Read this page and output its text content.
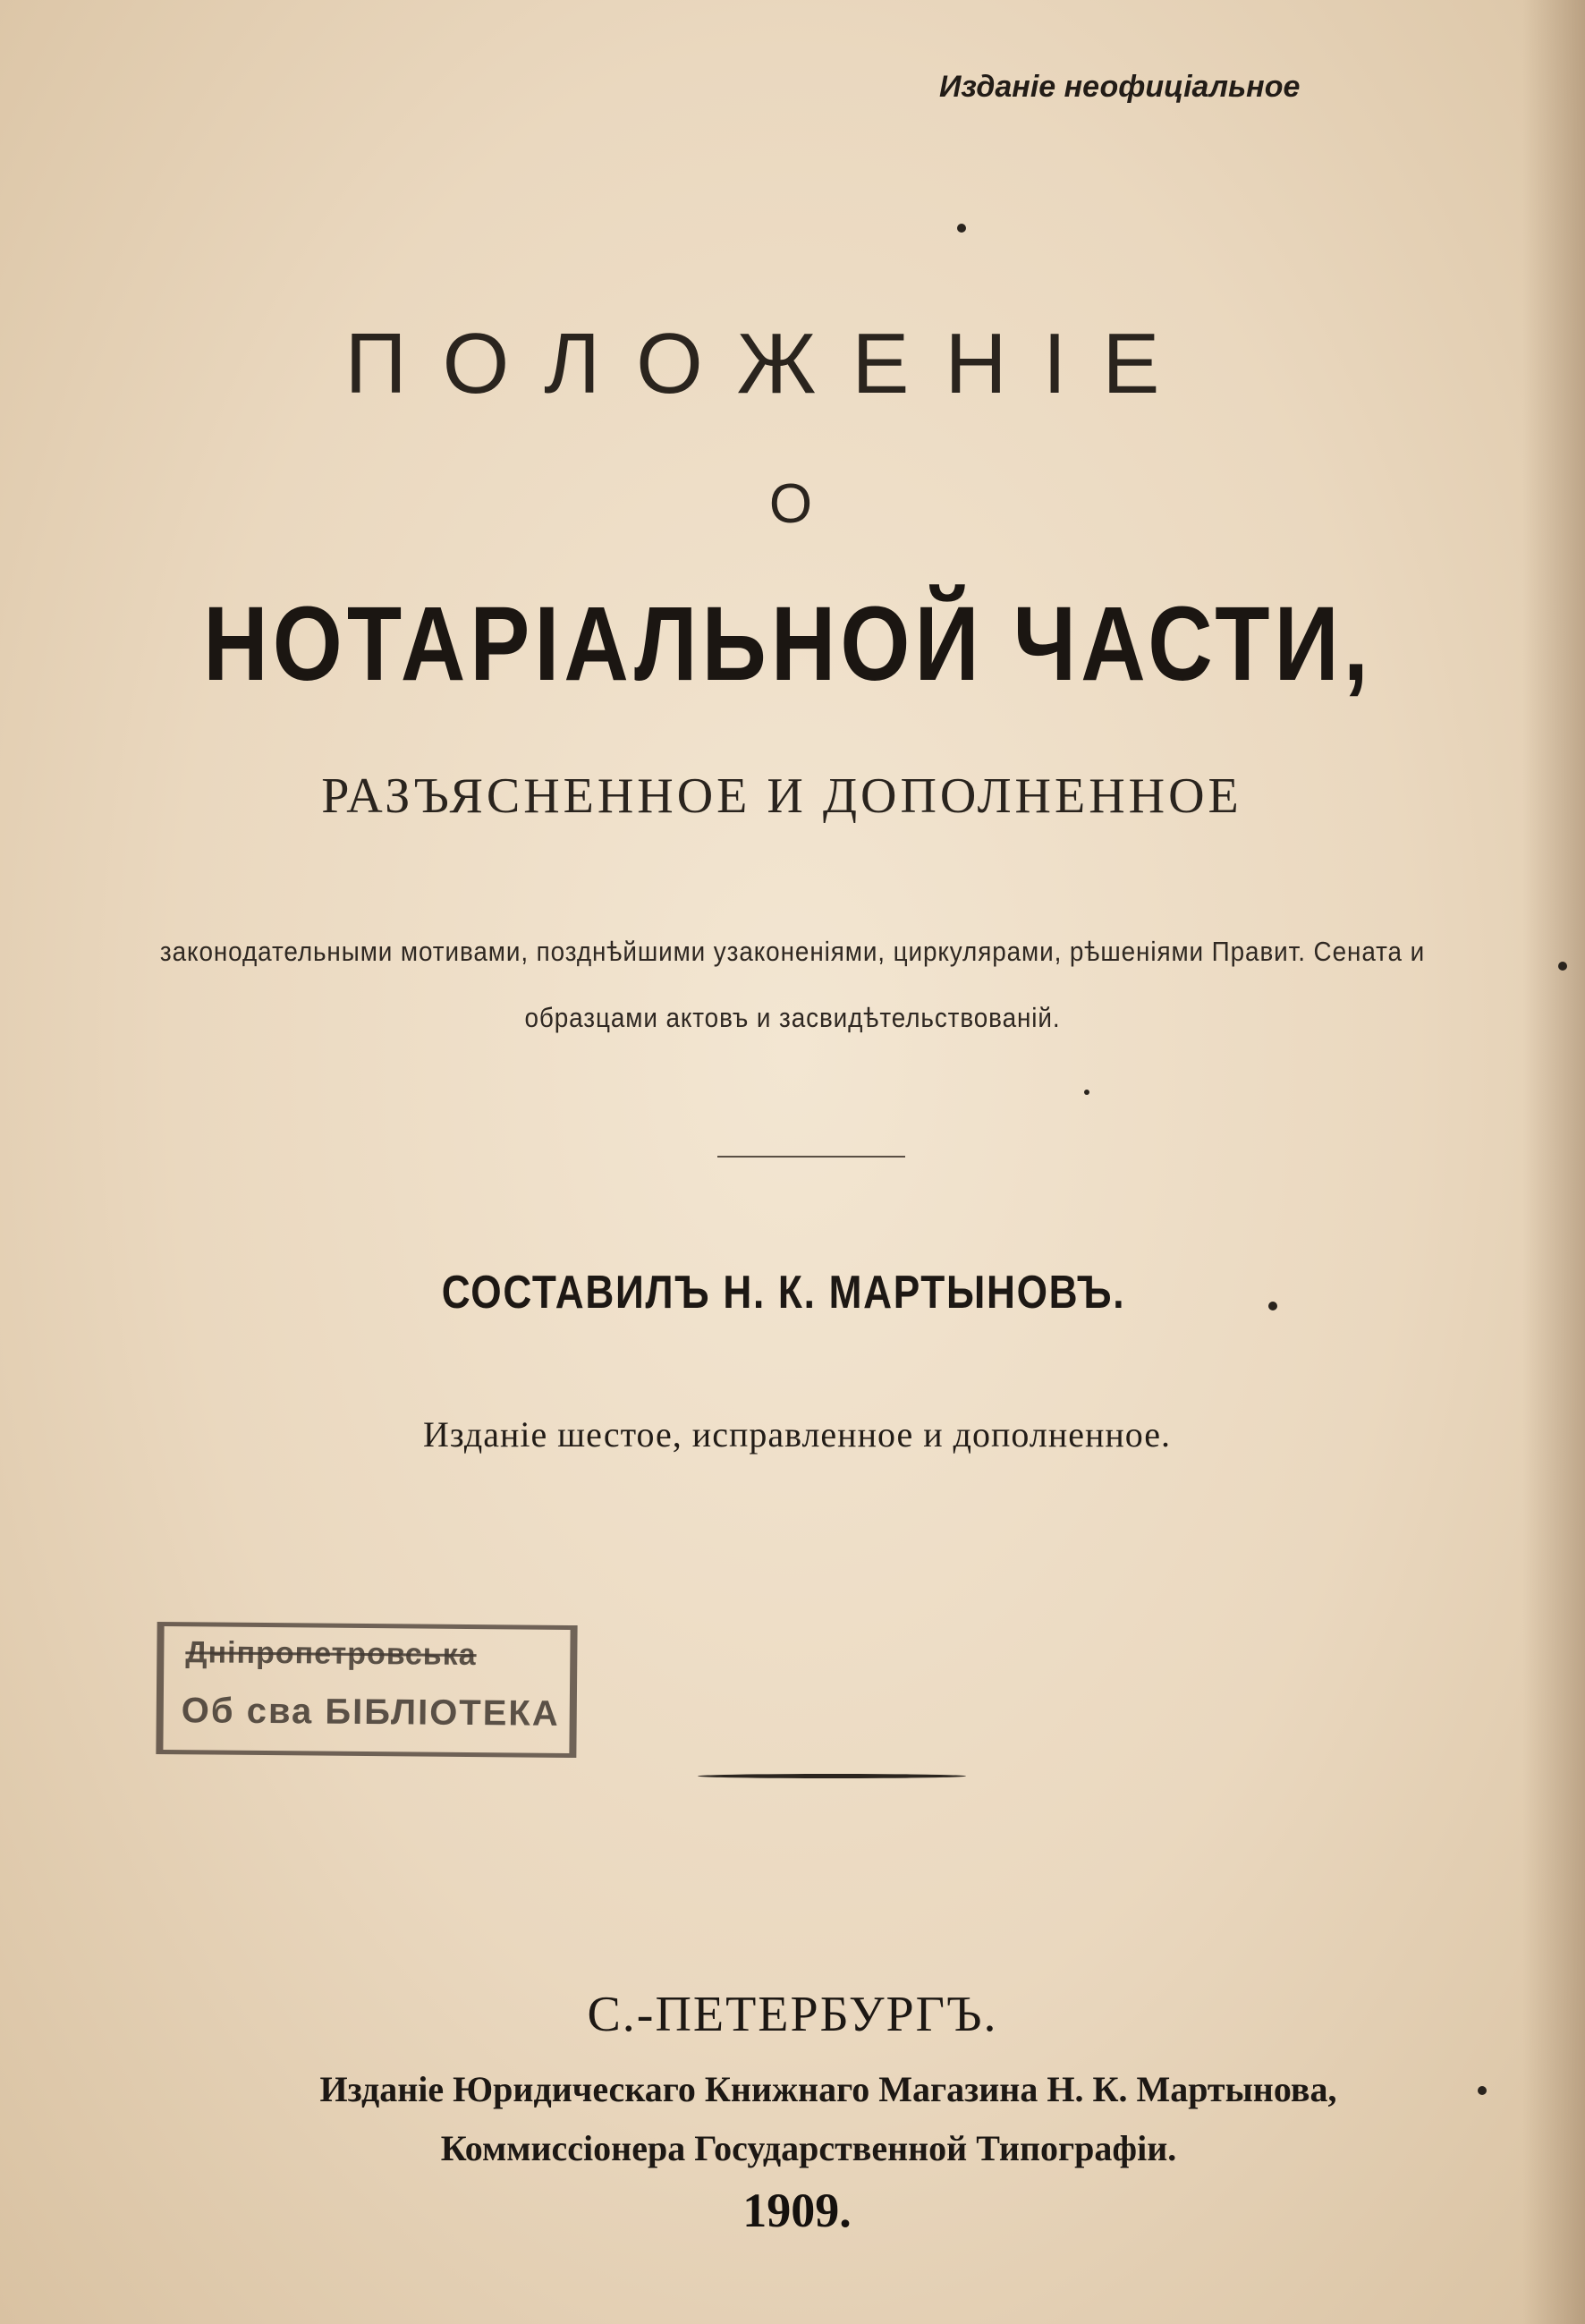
Изданіе неофиціальное
ПОЛОЖЕНІЕ
О
НОТАРІАЛЬНОЙ ЧАСТИ,
РАЗЪЯСНЕННОЕ И ДОПОЛНЕННОЕ
законодательными мотивами, позднѣйшими узаконеніями, циркулярами, рѣшеніями Правит. Сената и
образцами актовъ и засвидѣтельствованій.
СОСТАВИЛЪ Н. К. МАРТЫНОВЪ.
Изданіе шестое, исправленное и дополненное.
Дніпропетровська
Об сва БІБЛІОТЕКА
С.-ПЕТЕРБУРГЪ.
Изданіе Юридическаго Книжнаго Магазина Н. К. Мартынова,
Коммиссіонера Государственной Типографіи.
1909.
